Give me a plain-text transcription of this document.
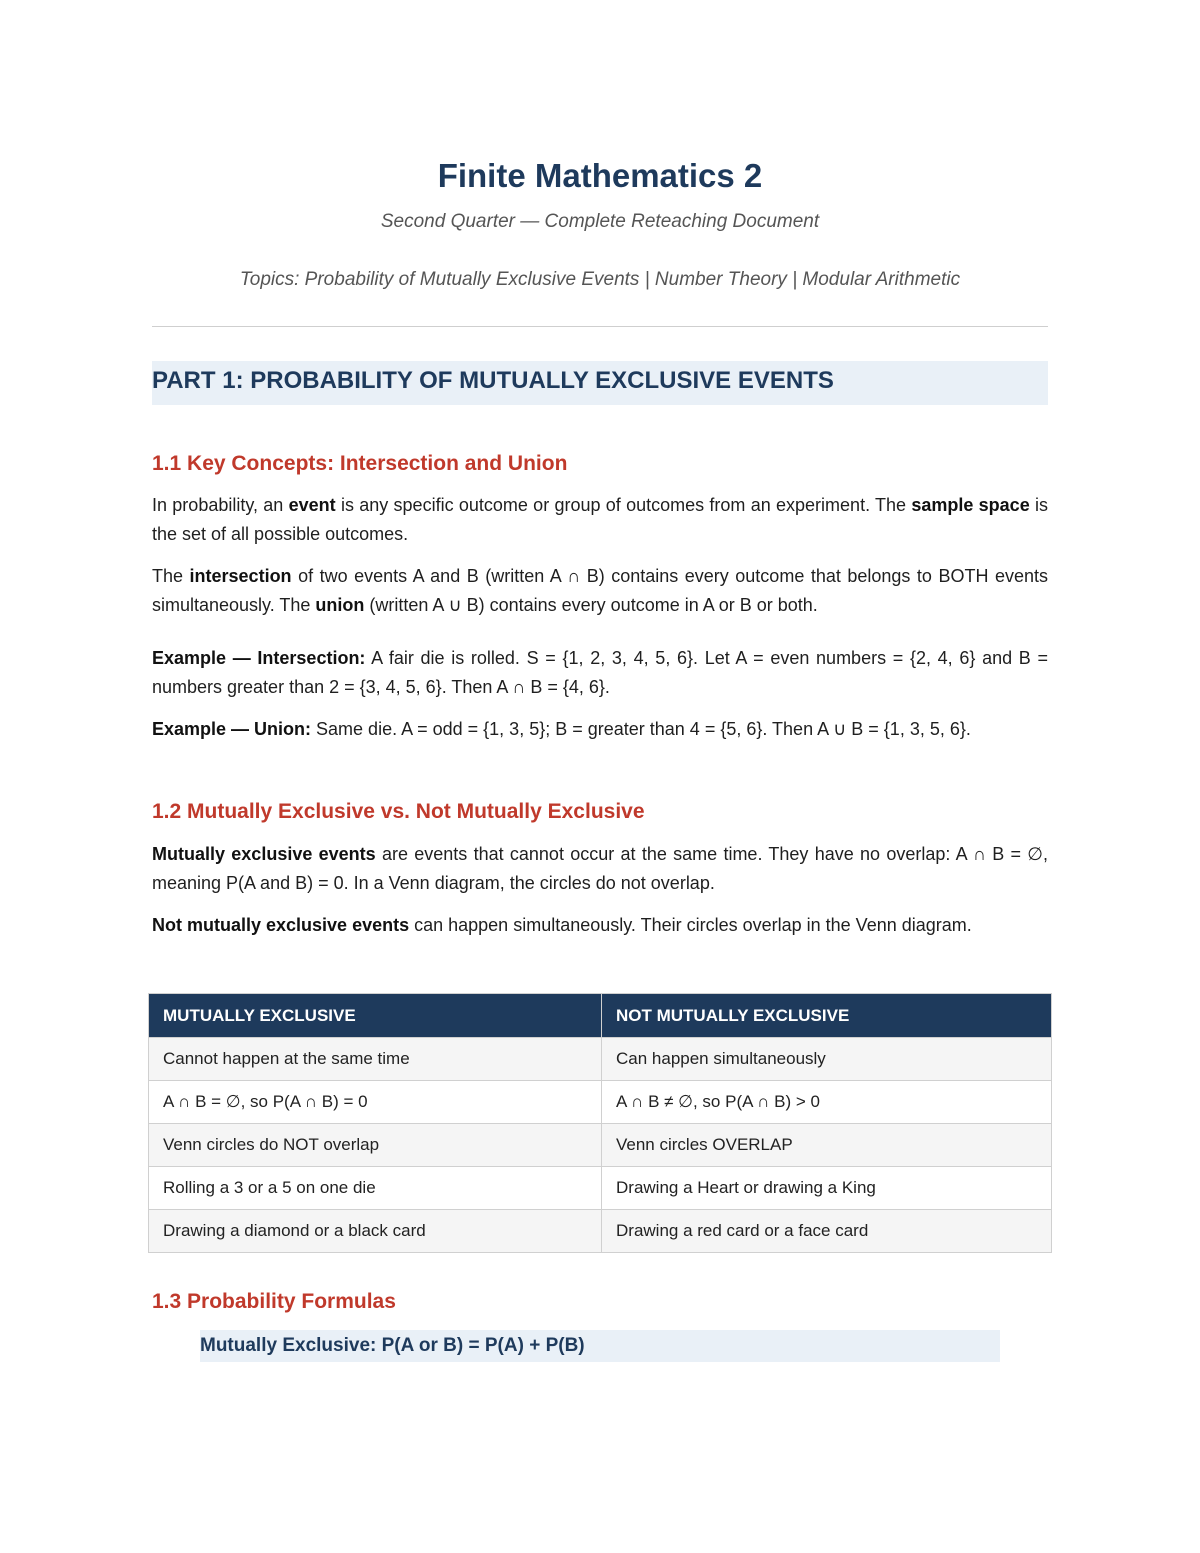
Finite Mathematics 2
Second Quarter — Complete Reteaching Document
Topics: Probability of Mutually Exclusive Events | Number Theory | Modular Arithmetic
PART 1: PROBABILITY OF MUTUALLY EXCLUSIVE EVENTS
1.1 Key Concepts: Intersection and Union
In probability, an event is any specific outcome or group of outcomes from an experiment. The sample space is the set of all possible outcomes.
The intersection of two events A and B (written A ∩ B) contains every outcome that belongs to BOTH events simultaneously. The union (written A ∪ B) contains every outcome in A or B or both.
Example — Intersection: A fair die is rolled. S = {1, 2, 3, 4, 5, 6}. Let A = even numbers = {2, 4, 6} and B = numbers greater than 2 = {3, 4, 5, 6}. Then A ∩ B = {4, 6}.
Example — Union: Same die. A = odd = {1, 3, 5}; B = greater than 4 = {5, 6}. Then A ∪ B = {1, 3, 5, 6}.
1.2 Mutually Exclusive vs. Not Mutually Exclusive
Mutually exclusive events are events that cannot occur at the same time. They have no overlap: A ∩ B = ∅, meaning P(A and B) = 0. In a Venn diagram, the circles do not overlap.
Not mutually exclusive events can happen simultaneously. Their circles overlap in the Venn diagram.
MUTUALLY EXCLUSIVE	NOT MUTUALLY EXCLUSIVE
Cannot happen at the same time	Can happen simultaneously
A ∩ B = ∅, so P(A ∩ B) = 0	A ∩ B ≠ ∅, so P(A ∩ B) > 0
Venn circles do NOT overlap	Venn circles OVERLAP
Rolling a 3 or a 5 on one die	Drawing a Heart or drawing a King
Drawing a diamond or a black card	Drawing a red card or a face card
1.3 Probability Formulas
Mutually Exclusive: P(A or B) = P(A) + P(B)
